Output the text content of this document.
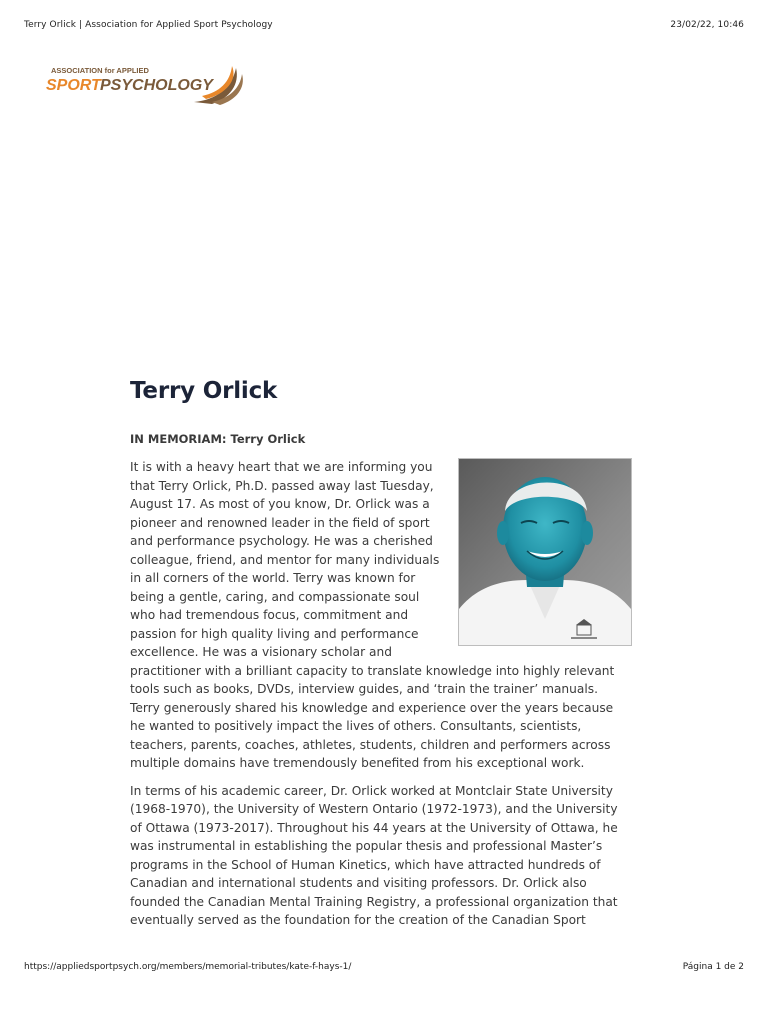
Terry Orlick | Association for Applied Sport Psychology	23/02/22, 10:46
ASSOCIATION for APPLIED
SPORT PSYCHOLOGY
Terry Orlick
IN MEMORIAM: Terry Orlick

It is with a heavy heart that we are informing you that Terry Orlick, Ph.D. passed away last Tuesday, August 17. As most of you know, Dr. Orlick was a pioneer and renowned leader in the field of sport and performance psychology. He was a cherished colleague, friend, and mentor for many individuals in all corners of the world. Terry was known for being a gentle, caring, and compassionate soul who had tremendous focus, commitment and passion for high quality living and performance excellence. He was a visionary scholar and practitioner with a brilliant capacity to translate knowledge into highly relevant tools such as books, DVDs, interview guides, and ‘train the trainer’ manuals. Terry generously shared his knowledge and experience over the years because he wanted to positively impact the lives of others. Consultants, scientists, teachers, parents, coaches, athletes, students, children and performers across multiple domains have tremendously benefited from his exceptional work.

In terms of his academic career, Dr. Orlick worked at Montclair State University (1968-1970), the University of Western Ontario (1972-1973), and the University of Ottawa (1973-2017). Throughout his 44 years at the University of Ottawa, he was instrumental in establishing the popular thesis and professional Master’s programs in the School of Human Kinetics, which have attracted hundreds of Canadian and international students and visiting professors. Dr. Orlick also founded the Canadian Mental Training Registry, a professional organization that eventually served as the foundation for the creation of the Canadian Sport

https://appliedsportpsych.org/members/memorial-tributes/kate-f-hays-1/	Página 1 de 2
